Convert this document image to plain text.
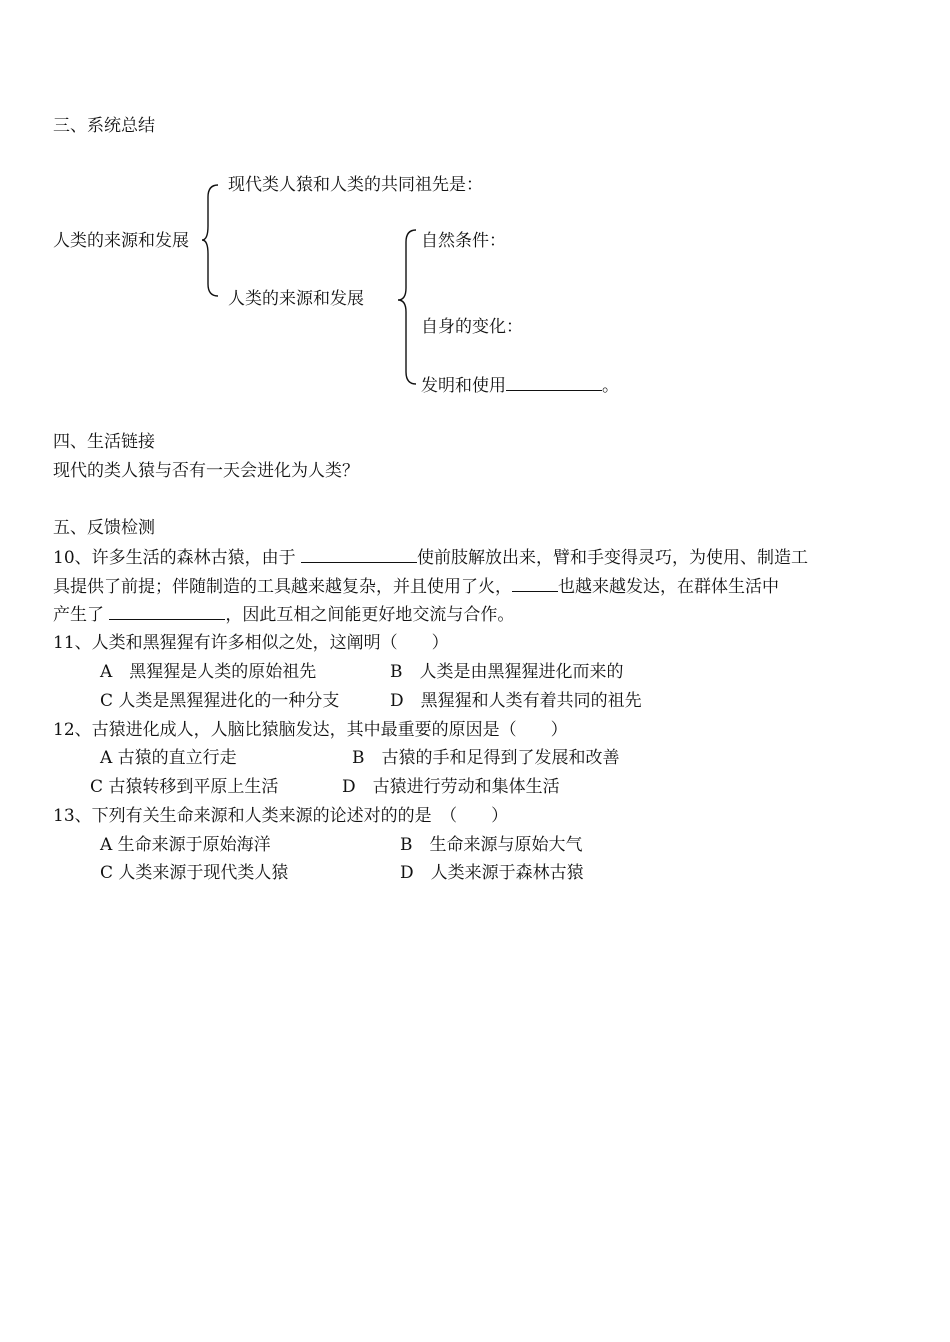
三、系统总结
现代类人猿和人类的共同祖先是：
人类的来源和发展
人类的来源和发展
自然条件：
自身的变化：
发明和使用	。
四、生活链接
现代的类人猿与否有一天会进化为人类？
五、反馈检测
10、许多生活的森林古猿，由于	使前肢解放出来，臂和手变得灵巧，为使用、制造工
具提供了前提；伴随制造的工具越来越复杂，并且使用了火，	也越来越发达，在群体生活中
产生了	，因此互相之间能更好地交流与合作。
11、人类和黑猩猩有许多相似之处，这阐明（　　）
A　黑猩猩是人类的原始祖先	B　人类是由黑猩猩进化而来的
C 人类是黑猩猩进化的一种分支	D　黑猩猩和人类有着共同的祖先
12、古猿进化成人，人脑比猿脑发达，其中最重要的原因是（　　）
A 古猿的直立行走	B　古猿的手和足得到了发展和改善
C 古猿转移到平原上生活	D　古猿进行劳动和集体生活
13、下列有关生命来源和人类来源的论述对的的是　（　　）
A 生命来源于原始海洋	B　生命来源与原始大气
C 人类来源于现代类人猿	D　人类来源于森林古猿
